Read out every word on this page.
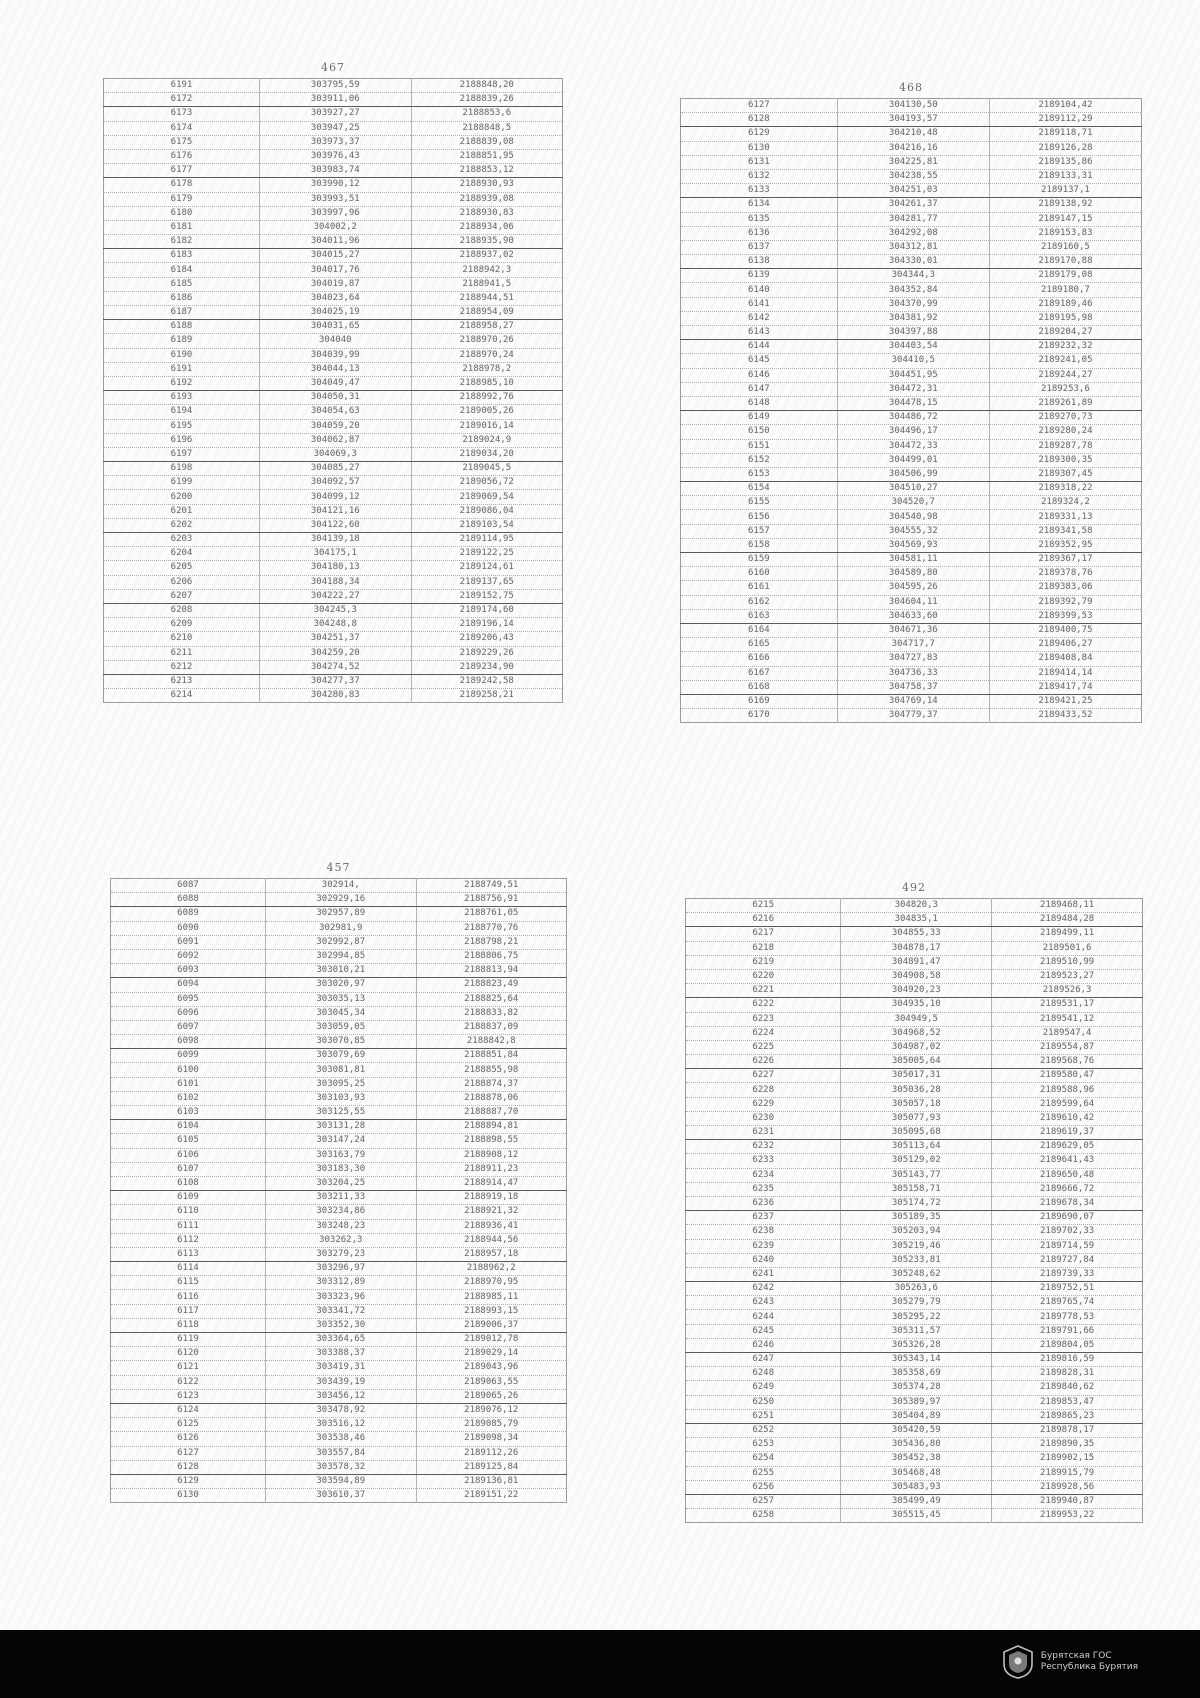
467
6191	303795,59	2188848,20
6172	303911,06	2188839,26
6173	303927,27	2188853,6
6174	303947,25	2188848,5
6175	303973,37	2188839,08
6176	303976,43	2188851,95
6177	303983,74	2188853,12
6178	303990,12	2188930,93
6179	303993,51	2188939,08
6180	303997,96	2188930,83
6181	304002,2	2188934,06
6182	304011,96	2188935,90
6183	304015,27	2188937,02
6184	304017,76	2188942,3
6185	304019,87	2188941,5
6186	304023,64	2188944,51
6187	304025,19	2188954,09
6188	304031,65	2188958,27
6189	304040	2188970,26
6190	304039,99	2188970,24
6191	304044,13	2188978,2
6192	304049,47	2188985,10
6193	304050,31	2188992,76
6194	304054,63	2189005,26
6195	304059,20	2189016,14
6196	304062,87	2189024,9
6197	304069,3	2189034,20
6198	304085,27	2189045,5
6199	304092,57	2189056,72
6200	304099,12	2189069,54
6201	304121,16	2189086,04
6202	304122,60	2189103,54
6203	304139,18	2189114,95
6204	304175,1	2189122,25
6205	304180,13	2189124,61
6206	304188,34	2189137,65
6207	304222,27	2189152,75
6208	304245,3	2189174,60
6209	304248,8	2189196,14
6210	304251,37	2189206,43
6211	304259,20	2189229,26
6212	304274,52	2189234,90
6213	304277,37	2189242,58
6214	304280,83	2189258,21
468
6127	304130,50	2189104,42
6128	304193,57	2189112,29
6129	304210,48	2189118,71
6130	304216,16	2189126,28
6131	304225,81	2189135,86
6132	304238,55	2189133,31
6133	304251,03	2189137,1
6134	304261,37	2189138,92
6135	304281,77	2189147,15
6136	304292,08	2189153,83
6137	304312,81	2189160,5
6138	304330,01	2189170,88
6139	304344,3	2189179,08
6140	304352,84	2189180,7
6141	304370,99	2189189,46
6142	304381,92	2189195,98
6143	304397,88	2189204,27
6144	304403,54	2189232,32
6145	304410,5	2189241,05
6146	304451,95	2189244,27
6147	304472,31	2189253,6
6148	304478,15	2189261,89
6149	304486,72	2189270,73
6150	304496,17	2189280,24
6151	304472,33	2189287,78
6152	304499,01	2189300,35
6153	304506,99	2189307,45
6154	304510,27	2189318,22
6155	304520,7	2189324,2
6156	304540,98	2189331,13
6157	304555,32	2189341,58
6158	304569,93	2189352,95
6159	304581,11	2189367,17
6160	304589,80	2189378,76
6161	304595,26	2189383,06
6162	304604,11	2189392,79
6163	304633,60	2189399,53
6164	304671,36	2189400,75
6165	304717,7	2189406,27
6166	304727,83	2189408,84
6167	304736,33	2189414,14
6168	304758,37	2189417,74
6169	304769,14	2189421,25
6170	304779,37	2189433,52
457
6087	302914,	2188749,51
6088	302929,16	2188756,91
6089	302957,89	2188761,05
6090	302981,9	2188770,76
6091	302992,87	2188798,21
6092	302994,85	2188806,75
6093	303010,21	2188813,94
6094	303020,97	2188823,49
6095	303035,13	2188825,64
6096	303045,34	2188833,82
6097	303059,05	2188837,09
6098	303070,85	2188842,8
6099	303079,69	2188851,84
6100	303081,81	2188855,98
6101	303095,25	2188874,37
6102	303103,93	2188878,06
6103	303125,55	2188887,70
6104	303131,28	2188894,81
6105	303147,24	2188898,55
6106	303163,79	2188908,12
6107	303183,30	2188911,23
6108	303204,25	2188914,47
6109	303211,33	2188919,18
6110	303234,86	2188921,32
6111	303248,23	2188936,41
6112	303262,3	2188944,56
6113	303279,23	2188957,18
6114	303296,97	2188962,2
6115	303312,89	2188970,95
6116	303323,96	2188985,11
6117	303341,72	2188993,15
6118	303352,30	2189006,37
6119	303364,65	2189012,78
6120	303388,37	2189029,14
6121	303419,31	2189043,96
6122	303439,19	2189063,55
6123	303456,12	2189065,26
6124	303478,92	2189076,12
6125	303516,12	2189085,79
6126	303538,46	2189098,34
6127	303557,84	2189112,26
6128	303578,32	2189125,84
6129	303594,89	2189136,81
6130	303610,37	2189151,22
492
6215	304820,3	2189468,11
6216	304835,1	2189484,28
6217	304855,33	2189499,11
6218	304878,17	2189501,6
6219	304891,47	2189510,99
6220	304908,58	2189523,27
6221	304920,23	2189526,3
6222	304935,10	2189531,17
6223	304949,5	2189541,12
6224	304968,52	2189547,4
6225	304987,02	2189554,87
6226	305005,64	2189568,76
6227	305017,31	2189580,47
6228	305036,28	2189588,96
6229	305057,18	2189599,64
6230	305077,93	2189610,42
6231	305095,68	2189619,37
6232	305113,64	2189629,05
6233	305129,02	2189641,43
6234	305143,77	2189650,48
6235	305158,71	2189666,72
6236	305174,72	2189678,34
6237	305189,35	2189690,07
6238	305203,94	2189702,33
6239	305219,46	2189714,59
6240	305233,81	2189727,84
6241	305248,62	2189739,33
6242	305263,6	2189752,51
6243	305279,79	2189765,74
6244	305295,22	2189778,53
6245	305311,57	2189791,66
6246	305326,28	2189804,05
6247	305343,14	2189816,59
6248	305358,69	2189828,31
6249	305374,28	2189840,62
6250	305389,97	2189853,47
6251	305404,89	2189865,23
6252	305420,59	2189878,17
6253	305436,80	2189890,35
6254	305452,38	2189902,15
6255	305468,48	2189915,79
6256	305483,93	2189928,56
6257	305499,49	2189940,87
6258	305515,45	2189953,22
Бурятская ГОС
Республика Бурятия
